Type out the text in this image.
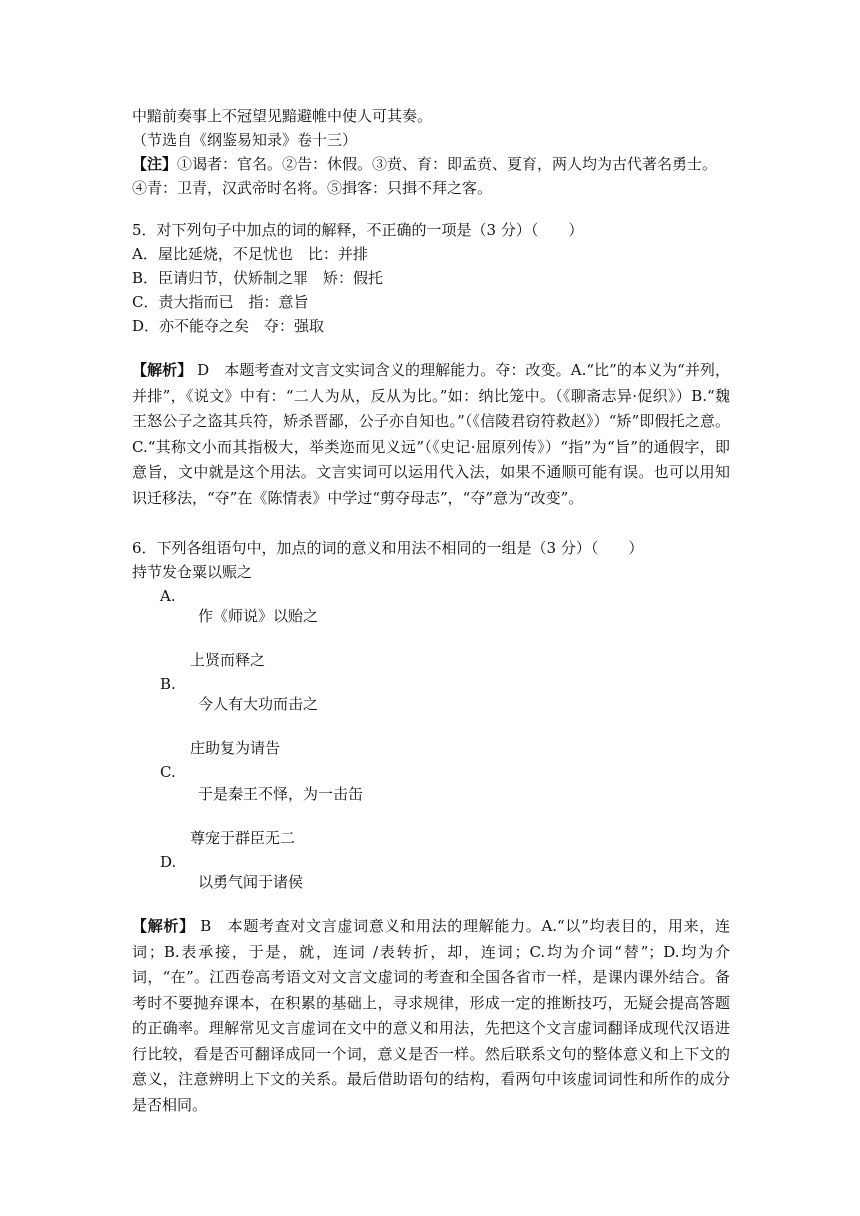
中黯前奏事上不冠望见黯避帷中使人可其奏。
（节选自《纲鉴易知录》卷十三）
【注】①谒者：官名。②告：休假。③贲、育：即孟贲、夏育，两人均为古代著名勇士。
④青：卫青，汉武帝时名将。⑤揖客：只揖不拜之客。
5．对下列句子中加点的词的解释，不正确的一项是（3 分）（　　）
A．屋比延烧，不足忧也　比：并排
B．臣请归节，伏矫制之罪　矫：假托
C．责大指而已　指：意旨
D．亦不能夺之矣　夺：强取
【解析】 D　本题考查对文言文实词含义的理解能力。夺：改变。A.“比”的本义为“并列，并排”，《说文》中有：“二人为从，反从为比。”如：纳比笼中。（《聊斋志异·促织》）B.“魏王怒公子之盗其兵符，矫杀晋鄙，公子亦自知也。”（《信陵君窃符救赵》）“矫”即假托之意。C.“其称文小而其指极大，举类迩而见义远”（《史记·屈原列传》）“指”为“旨”的通假字，即意旨，文中就是这个用法。文言实词可以运用代入法，如果不通顺可能有误。也可以用知识迁移法，“夺”在《陈情表》中学过“剪夺母志”，“夺”意为“改变”。
6．下列各组语句中，加点的词的意义和用法不相同的一组是（3 分）（　　）
持节发仓粟以赈之
A.
作《师说》以贻之
上贤而释之
B.
今人有大功而击之
庄助复为请告
C.
于是秦王不怿，为一击缶
尊宠于群臣无二
D.
以勇气闻于诸侯
【解析】 B　本题考查对文言虚词意义和用法的理解能力。A.“以”均表目的，用来，连词；B.表承接，于是，就，连词 /表转折，却，连词；C.均为介词“替”；D.均为介词，“在”。江西卷高考语文对文言文虚词的考查和全国各省市一样，是课内课外结合。备考时不要抛弃课本，在积累的基础上，寻求规律，形成一定的推断技巧，无疑会提高答题的正确率。理解常见文言虚词在文中的意义和用法，先把这个文言虚词翻译成现代汉语进行比较，看是否可翻译成同一个词，意义是否一样。然后联系文句的整体意义和上下文的意义，注意辨明上下文的关系。最后借助语句的结构，看两句中该虚词词性和所作的成分是否相同。
